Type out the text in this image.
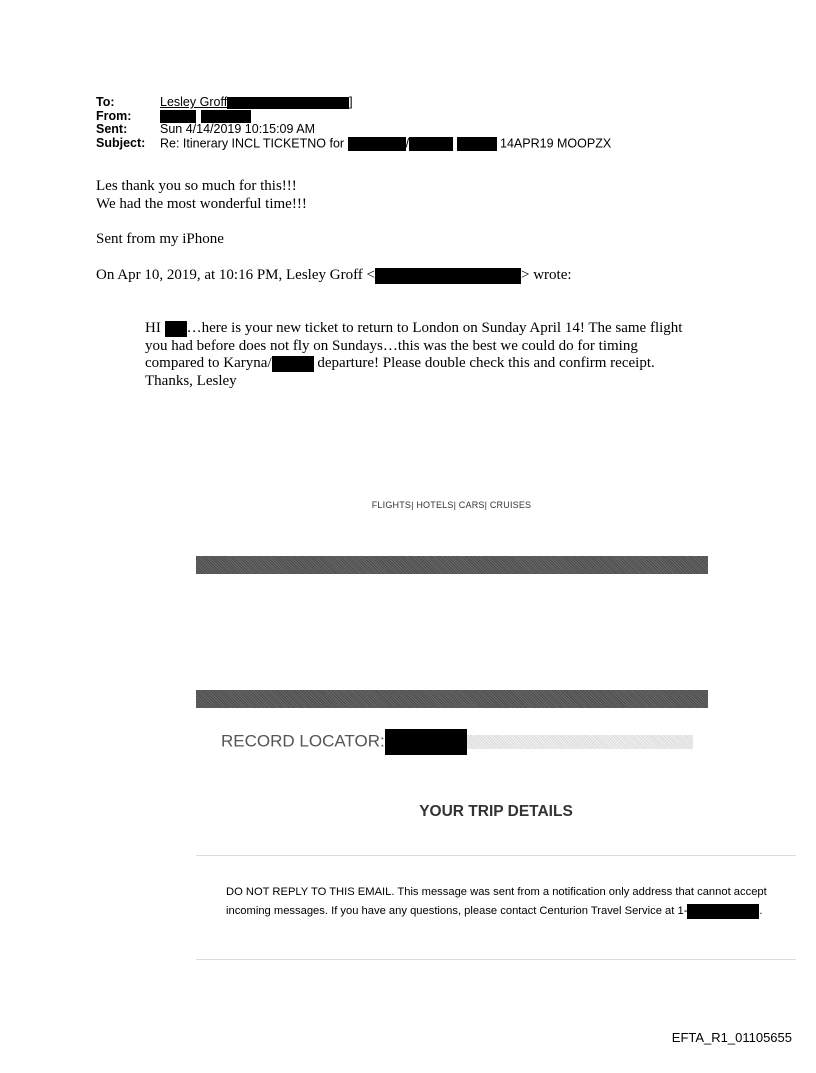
To:	Lesley Groff	]
From:

Sent:	Sun 4/14/2019 10:15:09 AM
Subject: Re: Itinerary INCL TICKETNO for	/	14APR19 MOOPZX
Les thank you so much for this!!!
We had the most wonderful time!!!
Sent from my iPhone
On Apr 10, 2019, at 10:16 PM, Lesley Groff <	> wrote:
HI …here is your new ticket to return to London on Sunday April 14! The same flight you had before does not fly on Sundays…this was the best we could do for timing compared to Karyna/	departure! Please double check this and confirm receipt. Thanks, Lesley
FLIGHTS| HOTELS| CARS| CRUISES
RECORD LOCATOR:
YOUR TRIP DETAILS
DO NOT REPLY TO THIS EMAIL. This message was sent from a notification only address that cannot accept incoming messages. If you have any questions, please contact Centurion Travel Service at 1-	.
EFTA_R1_01105655
